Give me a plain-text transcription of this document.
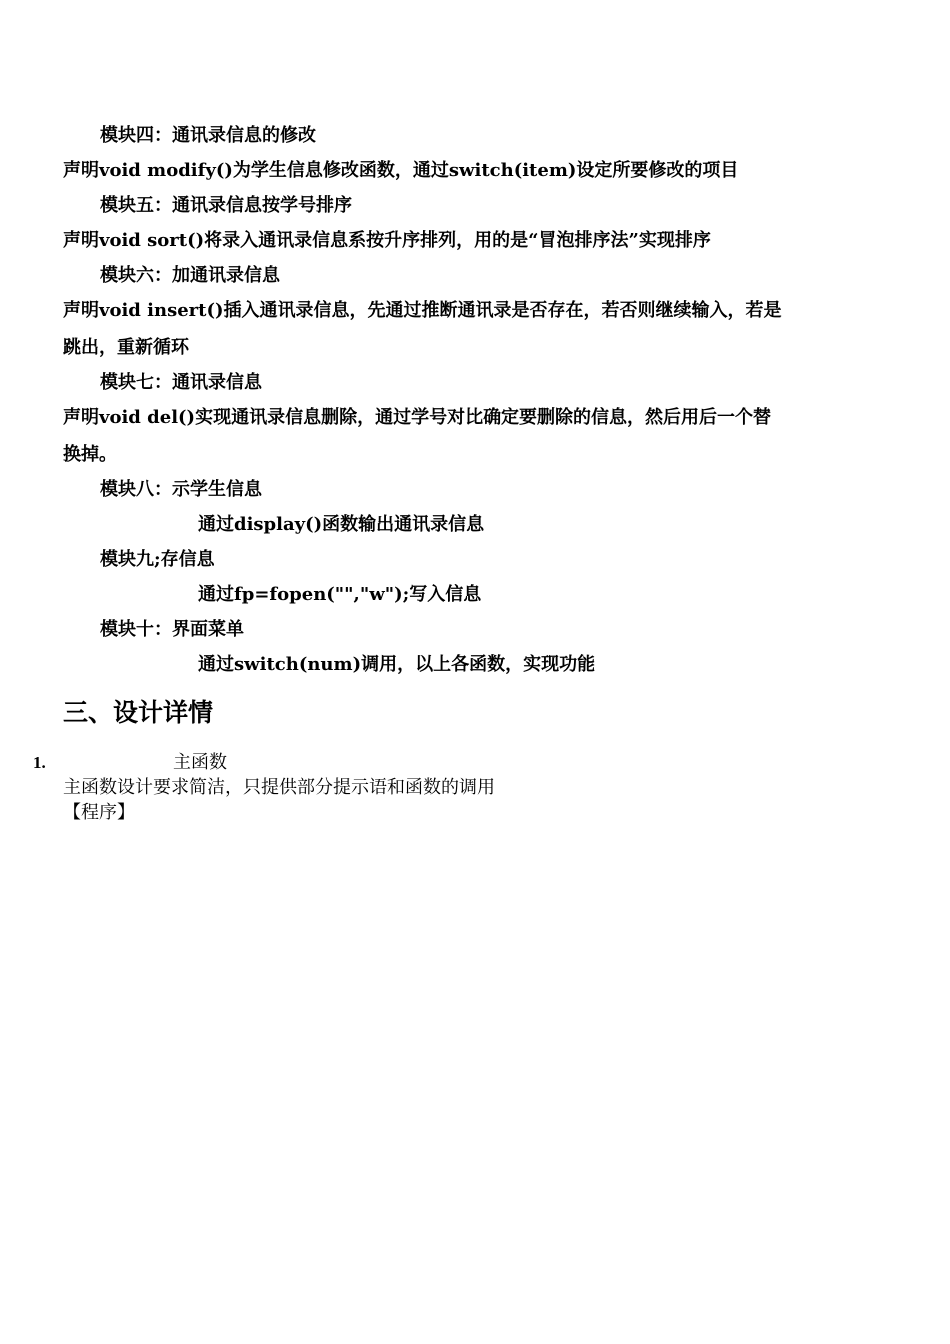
模块四：通讯录信息的修改
声明void modify()为学生信息修改函数，通过switch(item)设定所要修改的项目
模块五：通讯录信息按学号排序
声明void sort()将录入通讯录信息系按升序排列，用的是“冒泡排序法”实现排序
模块六：加通讯录信息
声明void insert()插入通讯录信息，先通过推断通讯录是否存在，若否则继续输入，若是
跳出，重新循环
模块七：通讯录信息
声明void del()实现通讯录信息删除，通过学号对比确定要删除的信息，然后用后一个替
换掉。
模块八：示学生信息
通过display()函数输出通讯录信息
模块九;存信息
通过fp=fopen("","w");写入信息
模块十：界面菜单
通过switch(num)调用，以上各函数，实现功能
三、设计详情
1.	主函数
主函数设计要求简洁，只提供部分提示语和函数的调用
【程序】
